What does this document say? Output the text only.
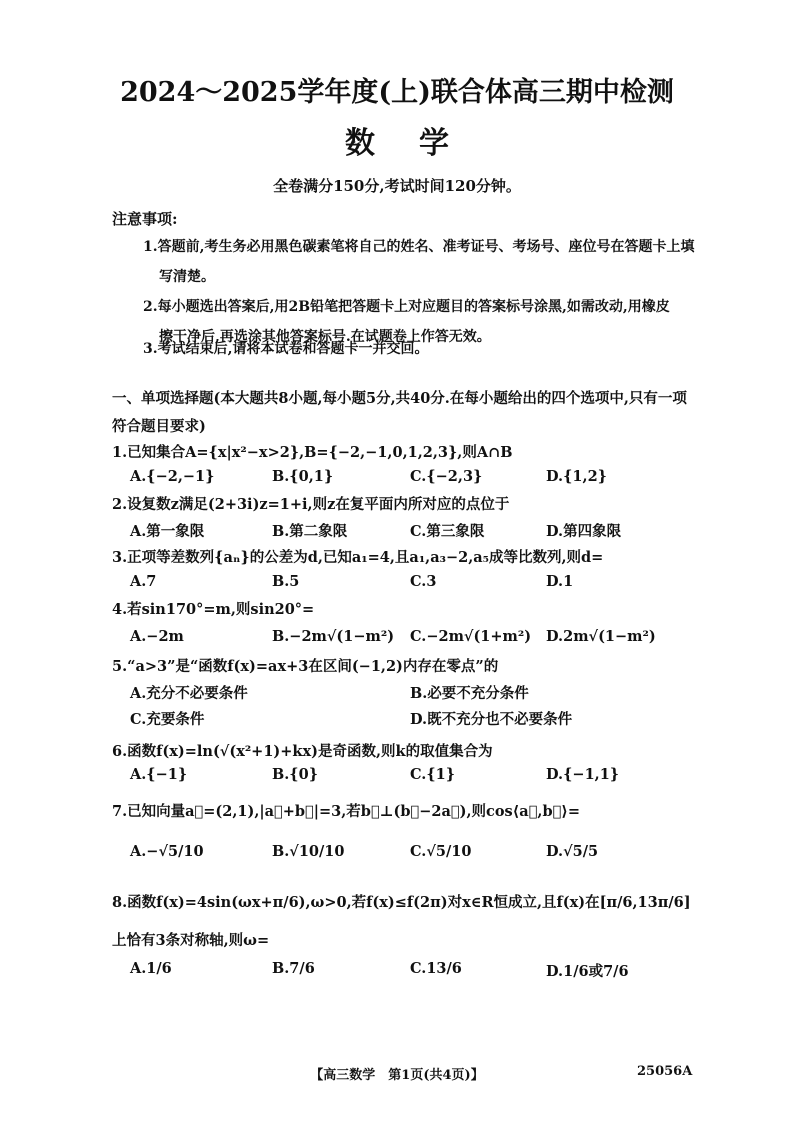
2024～2025学年度(上)联合体高三期中检测
数学
全卷满分150分,考试时间120分钟。
注意事项:
1.答题前,考生务必用黑色碳素笔将自己的姓名、准考证号、考场号、座位号在答题卡上填
写清楚。
2.每小题选出答案后,用2B铅笔把答题卡上对应题目的答案标号涂黑,如需改动,用橡皮
擦干净后,再选涂其他答案标号.在试题卷上作答无效。
3.考试结束后,请将本试卷和答题卡一并交回。
一、单项选择题(本大题共8小题,每小题5分,共40分.在每小题给出的四个选项中,只有一项符合题目要求)
1.已知集合A={x|x²−x>2},B={−2,−1,0,1,2,3},则A∩B
A.{−2,−1}	B.{0,1}	C.{−2,3}	D.{1,2}
2.设复数z满足(2+3i)z=1+i,则z在复平面内所对应的点位于
A.第一象限	B.第二象限	C.第三象限	D.第四象限
3.正项等差数列{aₙ}的公差为d,已知a₁=4,且a₁,a₃−2,a₅成等比数列,则d=
A.7	B.5	C.3	D.1
4.若sin170°=m,则sin20°=
A.−2m	B.−2m√(1−m²) C.−2m√(1+m²) D.2m√(1−m²)
5.“a>3”是“函数f(x)=ax+3在区间(−1,2)内存在零点”的
A.充分不必要条件	B.必要不充分条件
C.充要条件	D.既不充分也不必要条件
6.函数f(x)=ln(√(x²+1)+kx)是奇函数,则k的取值集合为
A.{−1}	B.{0}	C.{1}	D.{−1,1}
7.已知向量a⃗=(2,1),|a⃗+b⃗|=3,若b⃗⊥(b⃗−2a⃗),则cos⟨a⃗,b⃗⟩=
A.−√5/10	B.√10/10	C.√5/10	D.√5/5
8.函数f(x)=4sin(ωx+π/6),ω>0,若f(x)≤f(2π)对x∈R恒成立,且f(x)在[π/6,13π/6]上恰有3条对称轴,则ω=
A.1/6	B.7/6	C.13/6	D.1/6或7/6
【高三数学　第1页(共4页)】	25056A
